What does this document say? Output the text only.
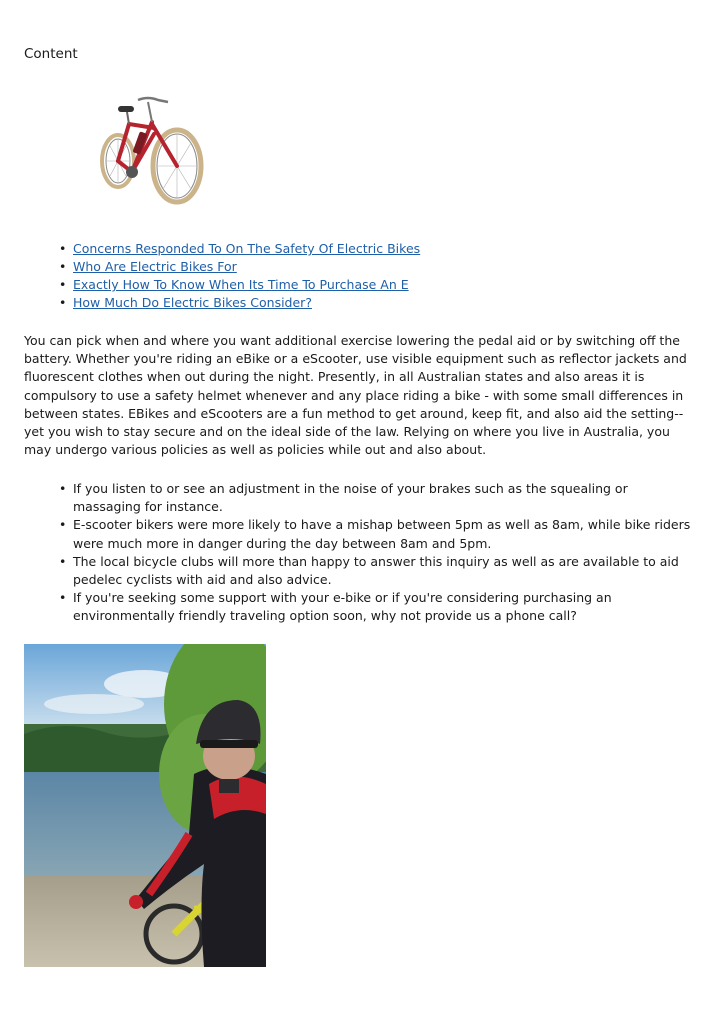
Content
• Concerns Responded To On The Safety Of Electric Bikes
• Who Are Electric Bikes For
• Exactly How To Know When Its Time To Purchase An E
• How Much Do Electric Bikes Consider?

You can pick when and where you want additional exercise lowering the pedal aid or by switching off the battery. Whether you're riding an eBike or a eScooter, use visible equipment such as reflector jackets and fluorescent clothes when out during the night. Presently, in all Australian states and also areas it is compulsory to use a safety helmet whenever and any place riding a bike - with some small differences in between states. EBikes and eScooters are a fun method to get around, keep fit, and also aid the setting-- yet you wish to stay secure and on the ideal side of the law. Relying on where you live in Australia, you may undergo various policies as well as policies while out and also about.

• If you listen to or see an adjustment in the noise of your brakes such as the squealing or massaging for instance.
• E-scooter bikers were more likely to have a mishap between 5pm as well as 8am, while bike riders were much more in danger during the day between 8am and 5pm.
• The local bicycle clubs will more than happy to answer this inquiry as well as are available to aid pedelec cyclists with aid and also advice.
• If you're seeking some support with your e-bike or if you're considering purchasing an environmentally friendly traveling option soon, why not provide us a phone call?
